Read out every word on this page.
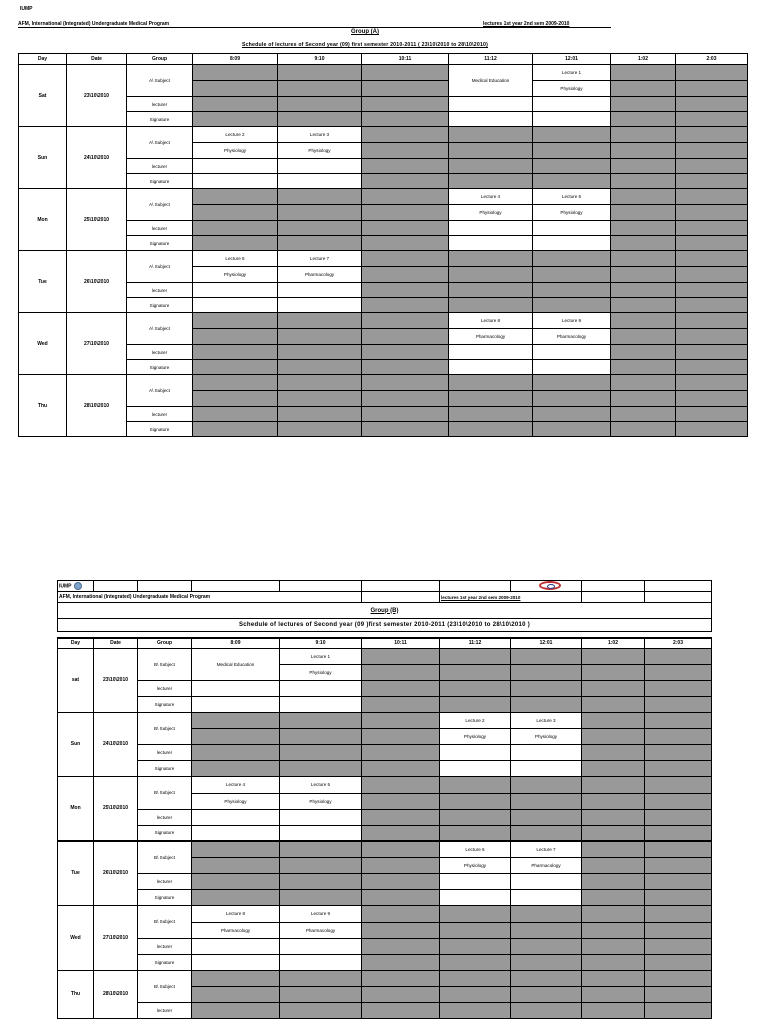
IUMP
AFM, International (Integrated) Undergraduate Medical Program	lectures 1st year 2nd sem 2009-2010
Group (A)
Schedule of lectures of Second year (09) first semester 2010-2011 ( 23\10\2010 to 28\10\2010)
Day	Date	Group	8:09	9:10	10:11	11:12	12:01	1:02	2:03
Sat	23\10\2010	A\ Subject				Medical Education	Lecture 1		
							Physiology		
		lecturer							
		Signature							
Sun	24\10\2010	A\ Subject	Lecture 2	Lecture 3					
			Physiology	Physiology					
		lecturer							
		Signature							
Mon	25\10\2010	A\ Subject				Lecture 4	Lecture 5		
						Physiology	Physiology		
		lecturer							
		Signature							
Tue	26\10\2010	A\ Subject	Lecture 6	Lecture 7					
			Physiology	Pharmacology					
		lecturer							
		Signature							
Wed	27\10\2010	A\ Subject				Lecture 8	Lecture 9		
						Pharmacology	Pharmacology		
		lecturer							
		Signature							
Thu	28\10\2010	A\ Subject							

		lecturer							
		Signature							
IUMP							

AFM, International (Integrated) Undergraduate Medical Program						lectures 1st year 2nd sem 2009-2010			
Group (B)									
Schedule of lectures of Second year (09 )first semester 2010-2011 (23\10\2010 to 28\10\2010 )									
Day	Date	Group	8:09	9:10	10:11	11:12	12:01	1:02	2:03
sat	23\10\2010	B\ Subject	Medical Education	Lecture 1					
				Physiology					
		lecturer							
		Signature							
Sun	24\10\2010	B\ Subject				Lecture 2	Lecture 3		
						Physiology	Physiology		
		lecturer							
		Signature							
Mon	25\10\2010	B\ Subject	Lecture 4	Lecture 5					
			Physiology	Physiology					
		lecturer							
		Signature							
Tue	26\10\2010	B\ Subject				Lecture 6	Lecture 7		
						Physiology	Pharmacology		
		lecturer							
		Signature							
Wed	27\10\2010	B\ Subject	Lecture 8	Lecture 9					
			Pharmacology	Pharmacology					
		lecturer							
		Signature							
Thu	28\10\2010	B\ Subject							

		lecturer							
